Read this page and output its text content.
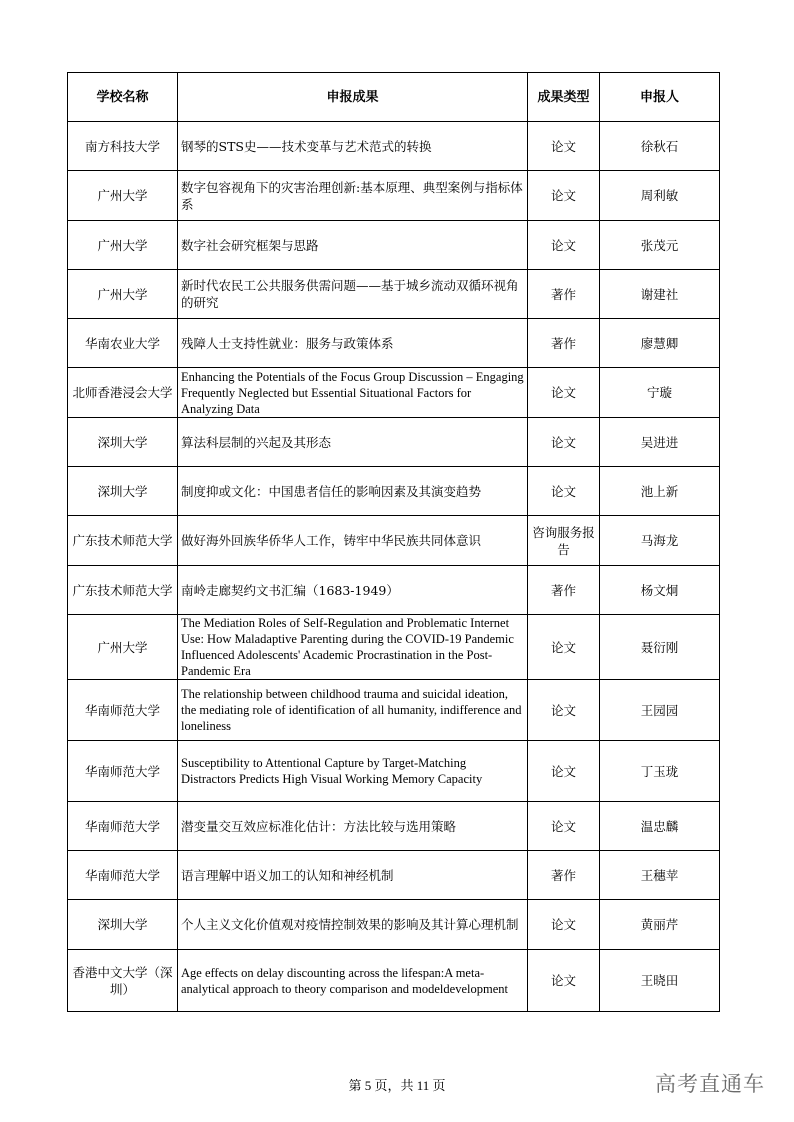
学校名称	申报成果	成果类型	申报人
南方科技大学	钢琴的STS史——技术变革与艺术范式的转换	论文	徐秋石
广州大学	数字包容视角下的灾害治理创新:基本原理、典型案例与指标体系	论文	周利敏
广州大学	数字社会研究框架与思路	论文	张茂元
广州大学	新时代农民工公共服务供需问题——基于城乡流动双循环视角的研究	著作	谢建社
华南农业大学	残障人士支持性就业：服务与政策体系	著作	廖慧卿
北师香港浸会大学	Enhancing the Potentials of the Focus Group Discussion – Engaging Frequently Neglected but Essential Situational Factors for Analyzing Data	论文	宁璇
深圳大学	算法科层制的兴起及其形态	论文	吴进进
深圳大学	制度抑或文化：中国患者信任的影响因素及其演变趋势	论文	池上新
广东技术师范大学	做好海外回族华侨华人工作，铸牢中华民族共同体意识	咨询服务报告	马海龙
广东技术师范大学	南岭走廊契约文书汇编（1683-1949）	著作	杨文炯
广州大学	The Mediation Roles of Self-Regulation and Problematic Internet Use: How Maladaptive Parenting during the COVID-19 Pandemic Influenced Adolescents' Academic Procrastination in the Post-Pandemic Era	论文	聂衍刚
华南师范大学	The relationship between childhood trauma and suicidal ideation, the mediating role of identification of all humanity, indifference and loneliness	论文	王园园
华南师范大学	Susceptibility to Attentional Capture by Target-Matching Distractors Predicts High Visual Working Memory Capacity	论文	丁玉珑
华南师范大学	潜变量交互效应标准化估计：方法比较与选用策略	论文	温忠麟
华南师范大学	语言理解中语义加工的认知和神经机制	著作	王穗苹
深圳大学	个人主义文化价值观对疫情控制效果的影响及其计算心理机制	论文	黄丽芹
香港中文大学（深圳）	Age effects on delay discounting across the lifespan:A meta-analytical approach to theory comparison and modeldevelopment	论文	王晓田
第 5 页，共 11 页	高考直通车
